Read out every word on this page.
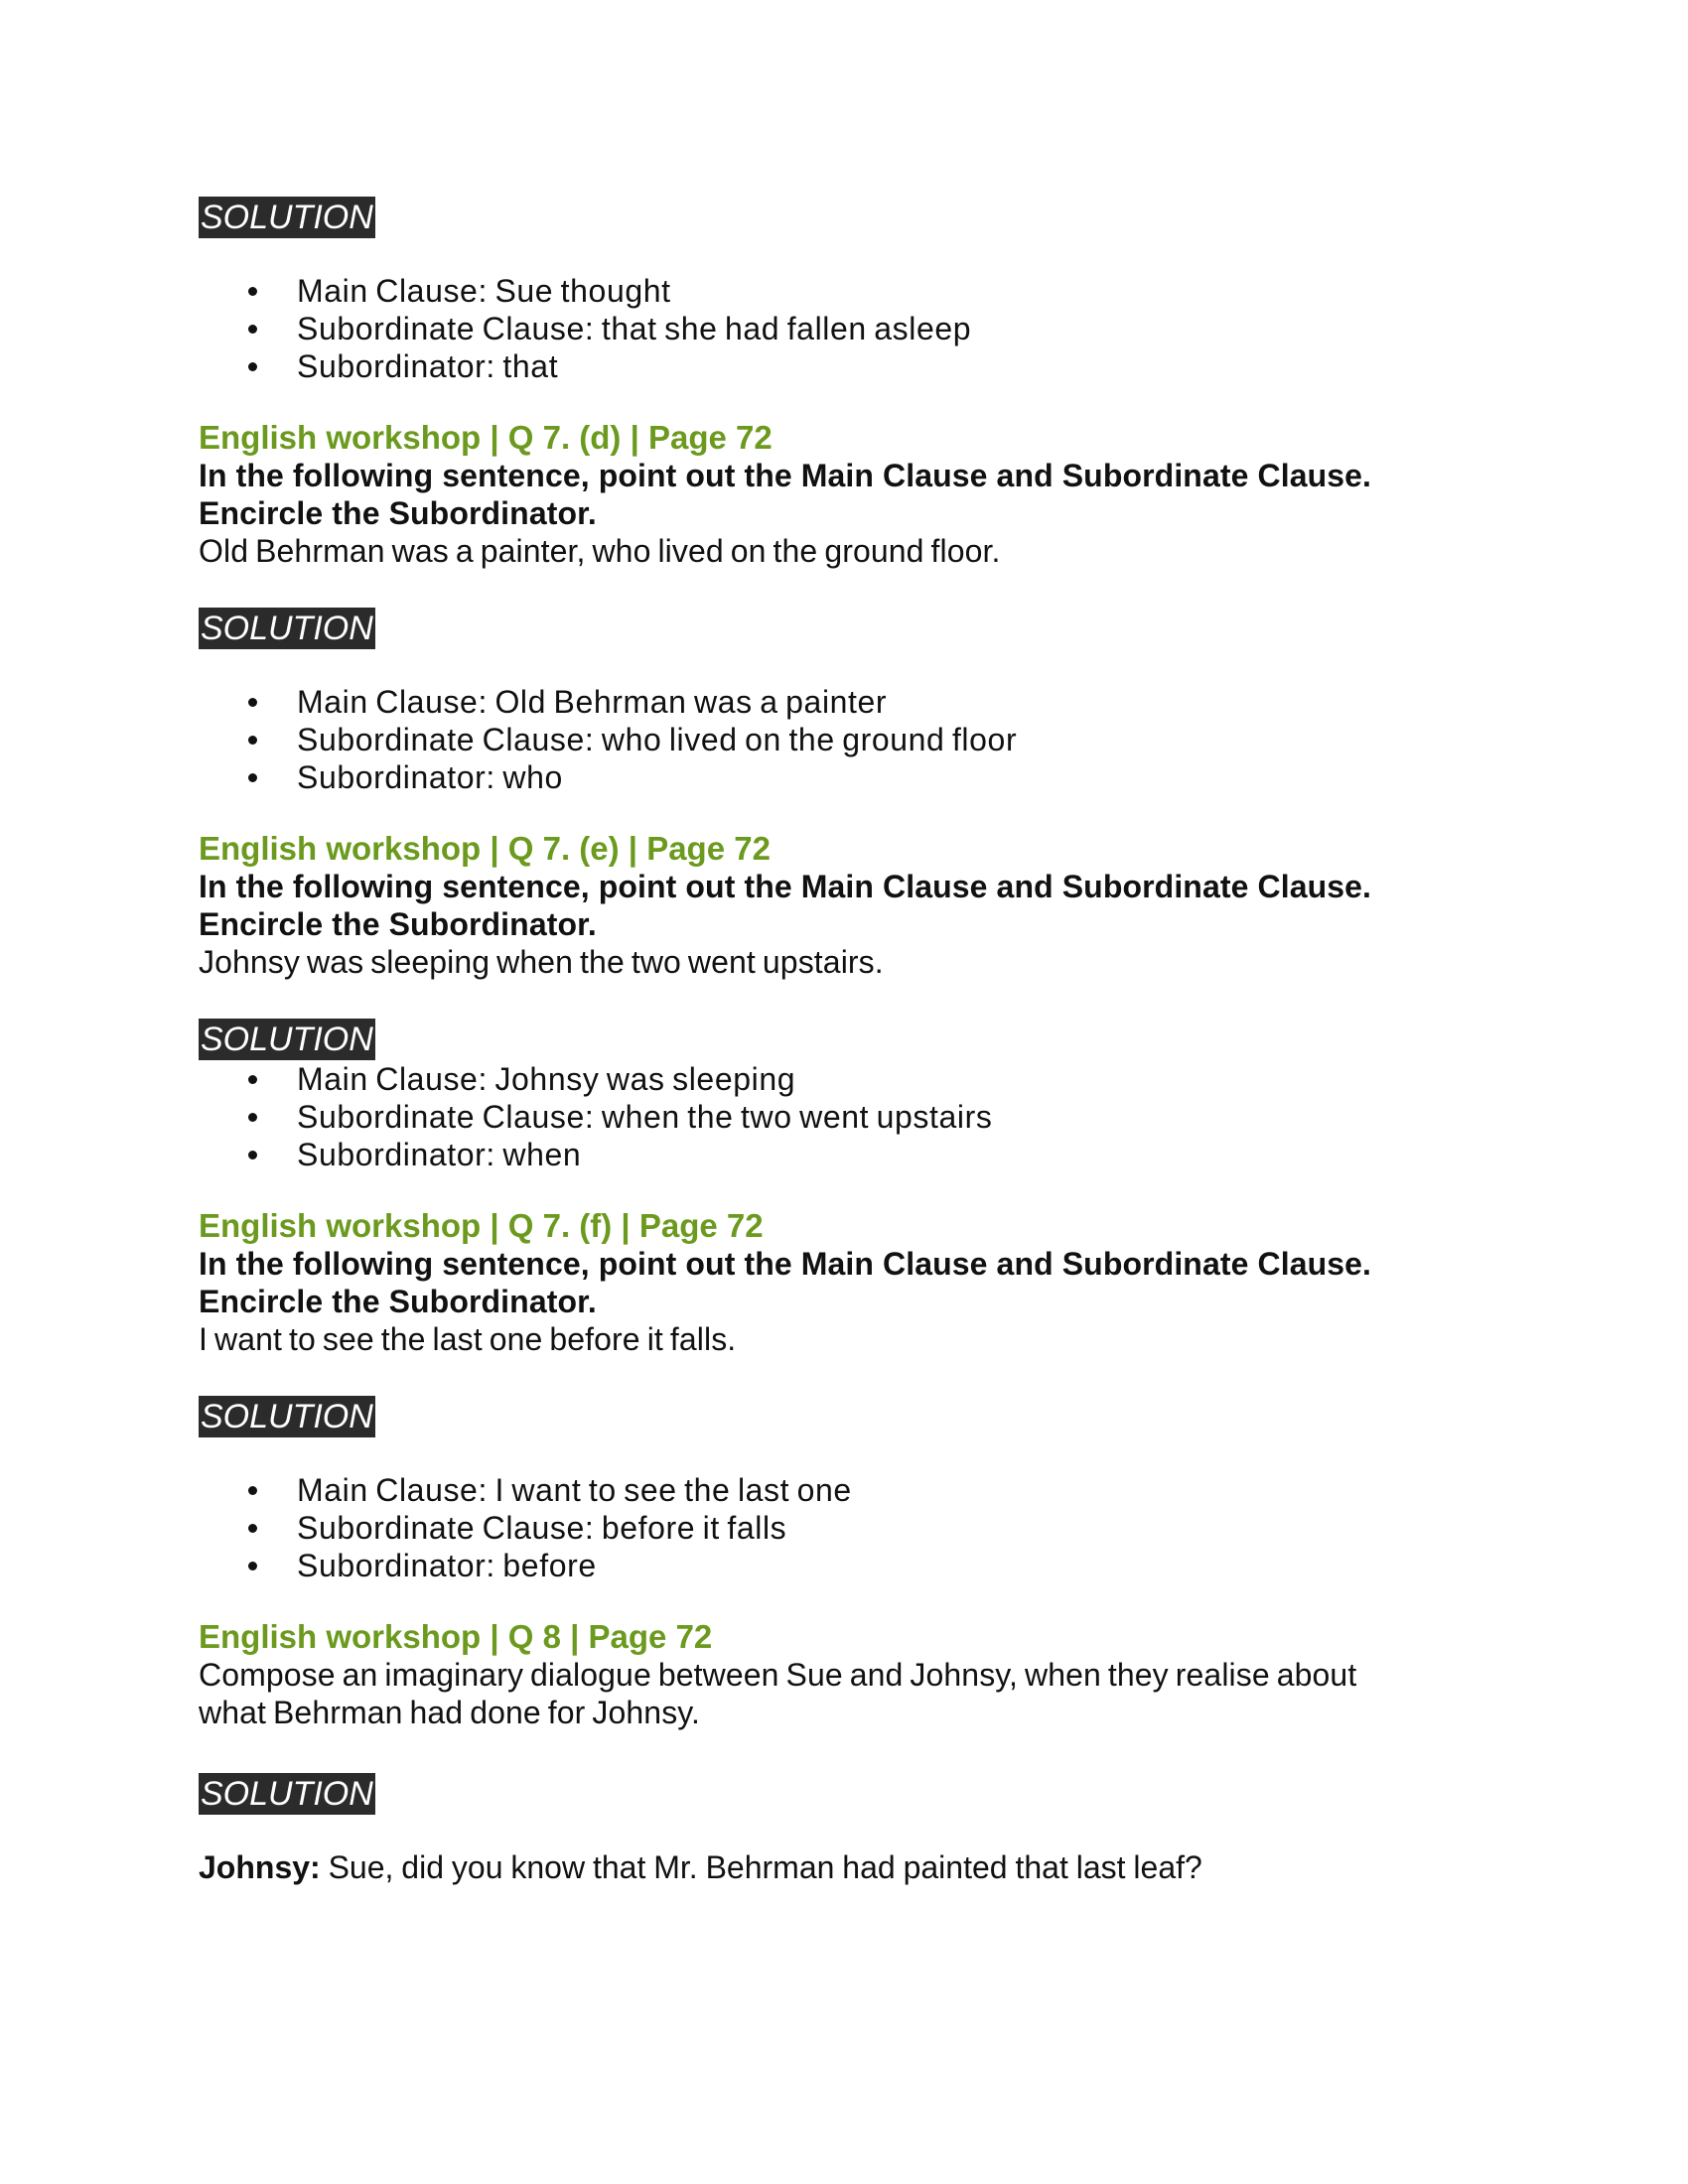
SOLUTION
Main Clause: Sue thought
Subordinate Clause: that she had fallen asleep
Subordinator: that
English workshop | Q 7. (d) | Page 72
In the following sentence, point out the Main Clause and Subordinate Clause.
Encircle the Subordinator.
Old Behrman was a painter, who lived on the ground floor.
SOLUTION
Main Clause: Old Behrman was a painter
Subordinate Clause: who lived on the ground floor
Subordinator: who
English workshop | Q 7. (e) | Page 72
In the following sentence, point out the Main Clause and Subordinate Clause.
Encircle the Subordinator.
Johnsy was sleeping when the two went upstairs.
SOLUTION
Main Clause: Johnsy was sleeping
Subordinate Clause: when the two went upstairs
Subordinator: when
English workshop | Q 7. (f) | Page 72
In the following sentence, point out the Main Clause and Subordinate Clause.
Encircle the Subordinator.
I want to see the last one before it falls.
SOLUTION
Main Clause: I want to see the last one
Subordinate Clause: before it falls
Subordinator: before
English workshop | Q 8 | Page 72
Compose an imaginary dialogue between Sue and Johnsy, when they realise about
what Behrman had done for Johnsy.
SOLUTION
Johnsy: Sue, did you know that Mr. Behrman had painted that last leaf?
